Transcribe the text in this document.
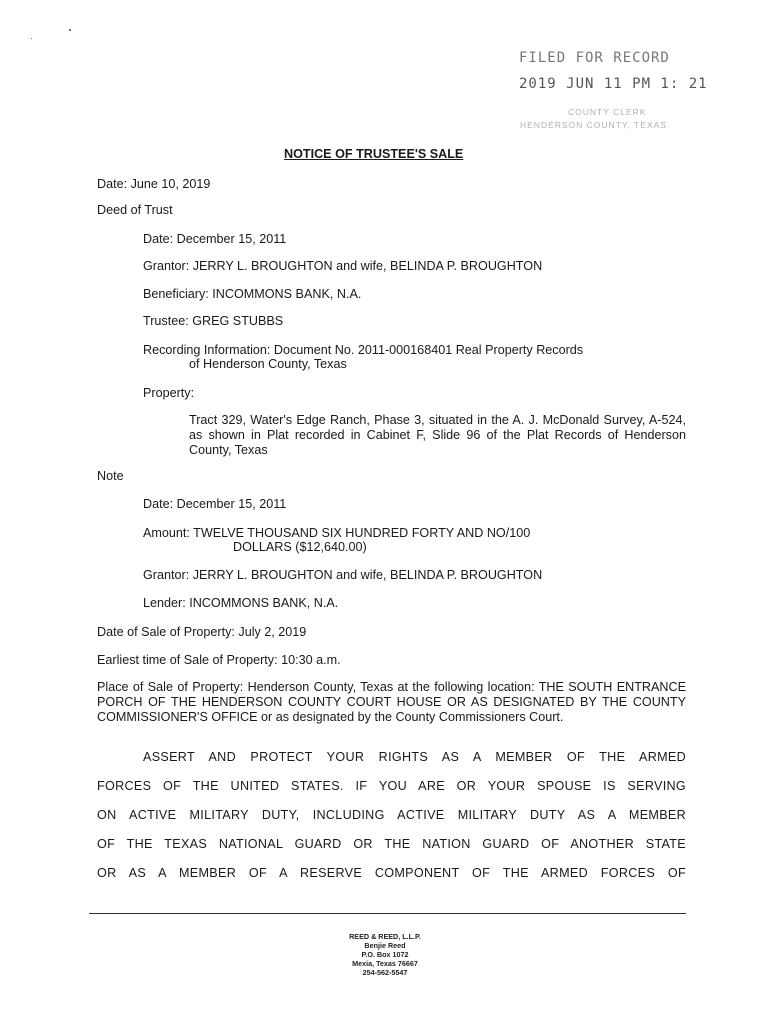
FILED FOR RECORD
2019 JUN 11 PM 1: 21
COUNTY CLERK
HENDERSON COUNTY, TEXAS
NOTICE OF TRUSTEE'S SALE
Date: June 10, 2019
Deed of Trust
Date: December 15, 2011
Grantor: JERRY L. BROUGHTON and wife, BELINDA P. BROUGHTON
Beneficiary: INCOMMONS BANK, N.A.
Trustee: GREG STUBBS
Recording Information: Document No. 2011-000168401 Real Property Records
of Henderson County, Texas
Property:
Tract 329, Water's Edge Ranch, Phase 3, situated in the A. J. McDonald Survey, A-524, as shown in Plat recorded in Cabinet F, Slide 96 of the Plat Records of Henderson County, Texas
Note
Date: December 15, 2011
Amount: TWELVE THOUSAND SIX HUNDRED FORTY AND NO/100
DOLLARS ($12,640.00)
Grantor: JERRY L. BROUGHTON and wife, BELINDA P. BROUGHTON
Lender: INCOMMONS BANK, N.A.
Date of Sale of Property: July 2, 2019
Earliest time of Sale of Property: 10:30 a.m.
Place of Sale of Property: Henderson County, Texas at the following location: THE SOUTH ENTRANCE PORCH OF THE HENDERSON COUNTY COURT HOUSE OR AS DESIGNATED BY THE COUNTY COMMISSIONER'S OFFICE or as designated by the County Commissioners Court.
ASSERT AND PROTECT YOUR RIGHTS AS A MEMBER OF THE ARMED
FORCES OF THE UNITED STATES. IF YOU ARE OR YOUR SPOUSE IS SERVING
ON ACTIVE MILITARY DUTY, INCLUDING ACTIVE MILITARY DUTY AS A MEMBER
OF THE TEXAS NATIONAL GUARD OR THE NATION GUARD OF ANOTHER STATE
OR AS A MEMBER OF A RESERVE COMPONENT OF THE ARMED FORCES OF
REED & REED, L.L.P.
Benjie Reed
P.O. Box 1072
Mexia, Texas 76667
254-562-5547
